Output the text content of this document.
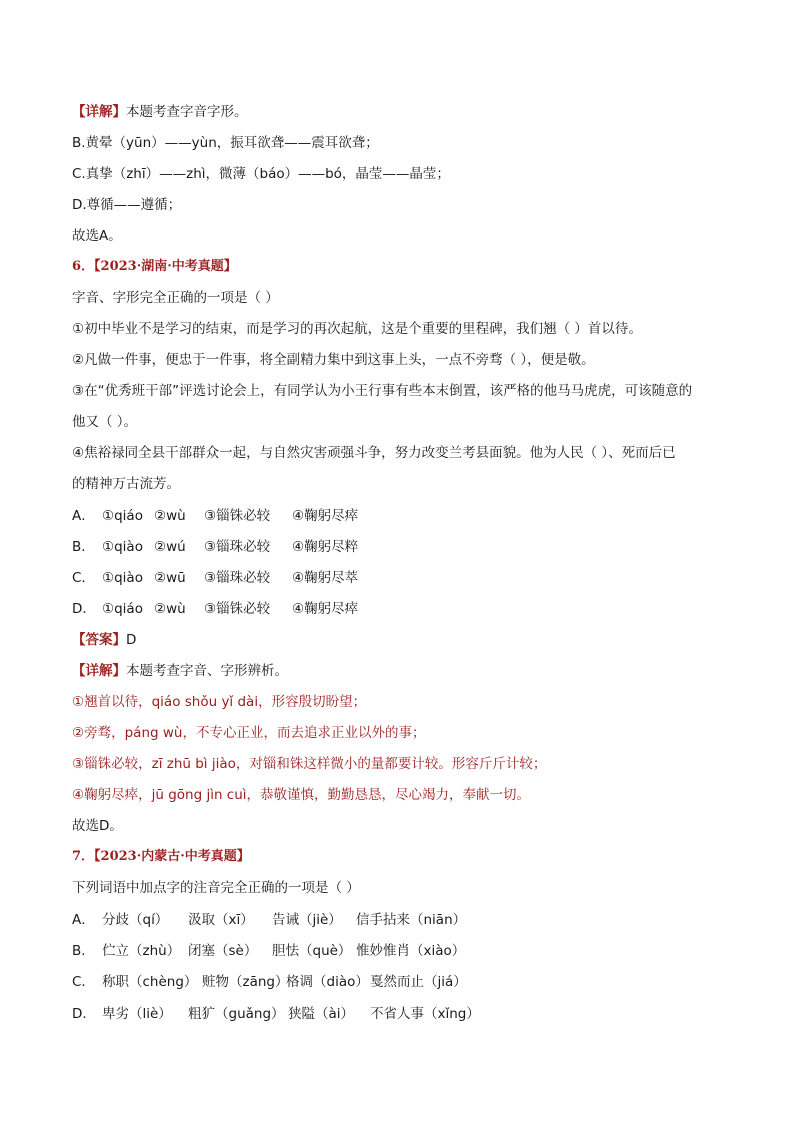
【详解】本题考查字音字形。
B.黄晕（yūn）——yùn，振耳欲聋——震耳欲聋；
C.真挚（zhī）——zhì，微薄（báo）——bó，晶莹——晶莹；
D.尊循——遵循；
故选A。
6．【2023·湖南·中考真题】
字音、字形完全正确的一项是（ ）
①初中毕业不是学习的结束，而是学习的再次起航，这是个重要的里程碑，我们翘（ ）首以待。
②凡做一件事，便忠于一件事，将全副精力集中到这事上头，一点不旁骛（ ），便是敬。
③在“优秀班干部”评选讨论会上，有同学认为小王行事有些本末倒置，该严格的他马马虎虎，可该随意的
他又（ ）。
④焦裕禄同全县干部群众一起，与自然灾害顽强斗争，努力改变兰考县面貌。他为人民（ ）、死而后已
的精神万古流芳。
A． ①qiáo ②wù ③锱铢必较 ④鞠躬尽瘁
B． ①qiào ②wú ③锱珠必较 ④鞠躬尽粹
C． ①qiào ②wū ③锱珠必较 ④鞠躬尽萃
D． ①qiáo ②wù ③锱铢必较 ④鞠躬尽瘁
【答案】D
【详解】本题考查字音、字形辨析。
①翘首以待，qiáo shǒu yǐ dài，形容殷切盼望；
②旁骛，páng wù，不专心正业，而去追求正业以外的事；
③锱铢必较，zī zhū bì jiào，对锱和铢这样微小的量都要计较。形容斤斤计较；
④鞠躬尽瘁，jū gōng jìn cuì，恭敬谨慎，勤勤恳恳，尽心竭力，奉献一切。
故选D。
7．【2023·内蒙古·中考真题】
下列词语中加点字的注音完全正确的一项是（ ）
A． 分歧（qí） 汲取（xī） 告诫（jiè） 信手拈来（niān）
B． 伫立（zhù） 闭塞（sè） 胆怯（què） 惟妙惟肖（xiào）
C． 称职（chèng） 赃物（zāng）格调（diào）戛然而止（jiá）
D． 卑劣（liè） 粗犷（guǎng） 狭隘（ài） 不省人事（xǐng）
